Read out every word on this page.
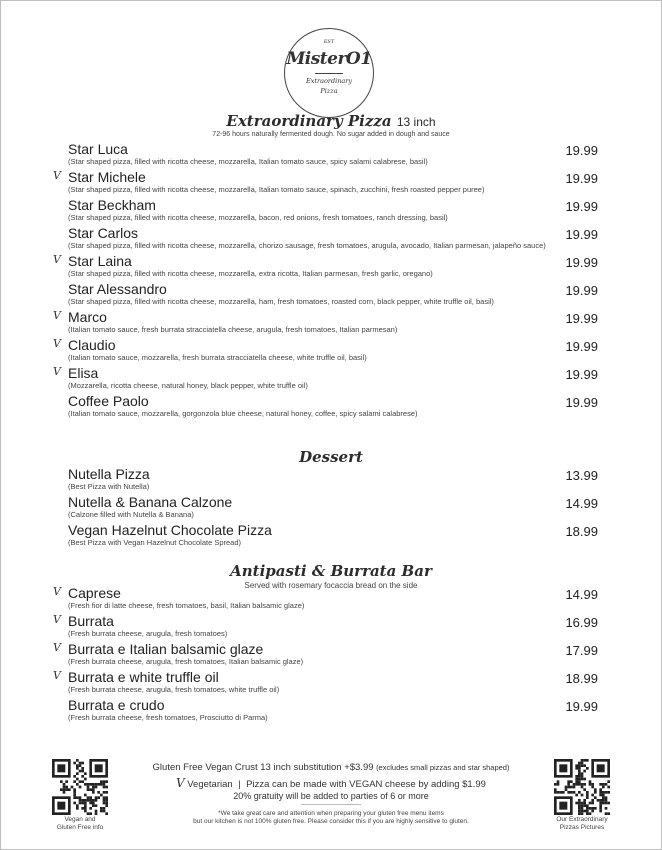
EST
MisterO1
Extraordinary
Pizza
Extraordinary Pizza 13 inch
72-96 hours naturally fermented dough. No sugar added in dough and sauce
Star Luca
(Star shaped pizza, filled with ricotta cheese, mozzarella, Italian tomato sauce, spicy salami calabrese, basil)
19.99
V Star Michele
(Star shaped pizza, filled with ricotta cheese, mozzarella, Italian tomato sauce, spinach, zucchini, fresh roasted pepper puree)
19.99
Star Beckham
(Star shaped pizza, filled with ricotta cheese, mozzarella, bacon, red onions, fresh tomatoes, ranch dressing, basil)
19.99
Star Carlos
(Star shaped pizza, filled with ricotta cheese, mozzarella, chorizo sausage, fresh tomatoes, arugula, avocado, Italian parmesan, jalapeño sauce)
19.99
V Star Laina
(Star shaped pizza, filled with ricotta cheese, mozzarella, extra ricotta, Italian parmesan, fresh garlic, oregano)
19.99
Star Alessandro
(Star shaped pizza, filled with ricotta cheese, mozzarella, ham, fresh tomatoes, roasted corn, black pepper, white truffle oil, basil)
19.99
V Marco
(Italian tomato sauce, fresh burrata stracciatella cheese, arugula, fresh tomatoes, Italian parmesan)
19.99
V Claudio
(Italian tomato sauce, mozzarella, fresh burrata stracciatella cheese, white truffle oil, basil)
19.99
V Elisa
(Mozzarella, ricotta cheese, natural honey, black pepper, white truffle oil)
19.99
Coffee Paolo
(Italian tomato sauce, mozzarella, gorgonzola blue cheese, natural honey, coffee, spicy salami calabrese)
19.99
Dessert
Nutella Pizza
(Best Pizza with Nutella)
13.99
Nutella & Banana Calzone
(Calzone filled with Nutella & Banana)
14.99
Vegan Hazelnut Chocolate Pizza
(Best Pizza with Vegan Hazelnut Chocolate Spread)
18.99
Antipasti & Burrata Bar
Served with rosemary focaccia bread on the side
V Caprese
(Fresh fior di latte cheese, fresh tomatoes, basil, Italian balsamic glaze)
14.99
V Burrata
(Fresh burrata cheese, arugula, fresh tomatoes)
16.99
V Burrata e Italian balsamic glaze
(Fresh burrata cheese, arugula, fresh tomatoes, Italian balsamic glaze)
17.99
V Burrata e white truffle oil
(Fresh burrata cheese, arugula, fresh tomatoes, white truffle oil)
18.99
Burrata e crudo
(Fresh burrata cheese, fresh tomatoes, Prosciutto di Parma)
19.99
Vegan and
Gluten Free info
Our Extraordinary
Pizzas Pictures
Gluten Free Vegan Crust 13 inch substitution +$3.99 (excludes small pizzas and star shaped)
V Vegetarian | Pizza can be made with VEGAN cheese by adding $1.99
20% gratuity will be added to parties of 6 or more
*We take great care and attention when preparing your gluten free menu items
but our kitchen is not 100% gluten free. Please consider this if you are highly sensitive to gluten.
